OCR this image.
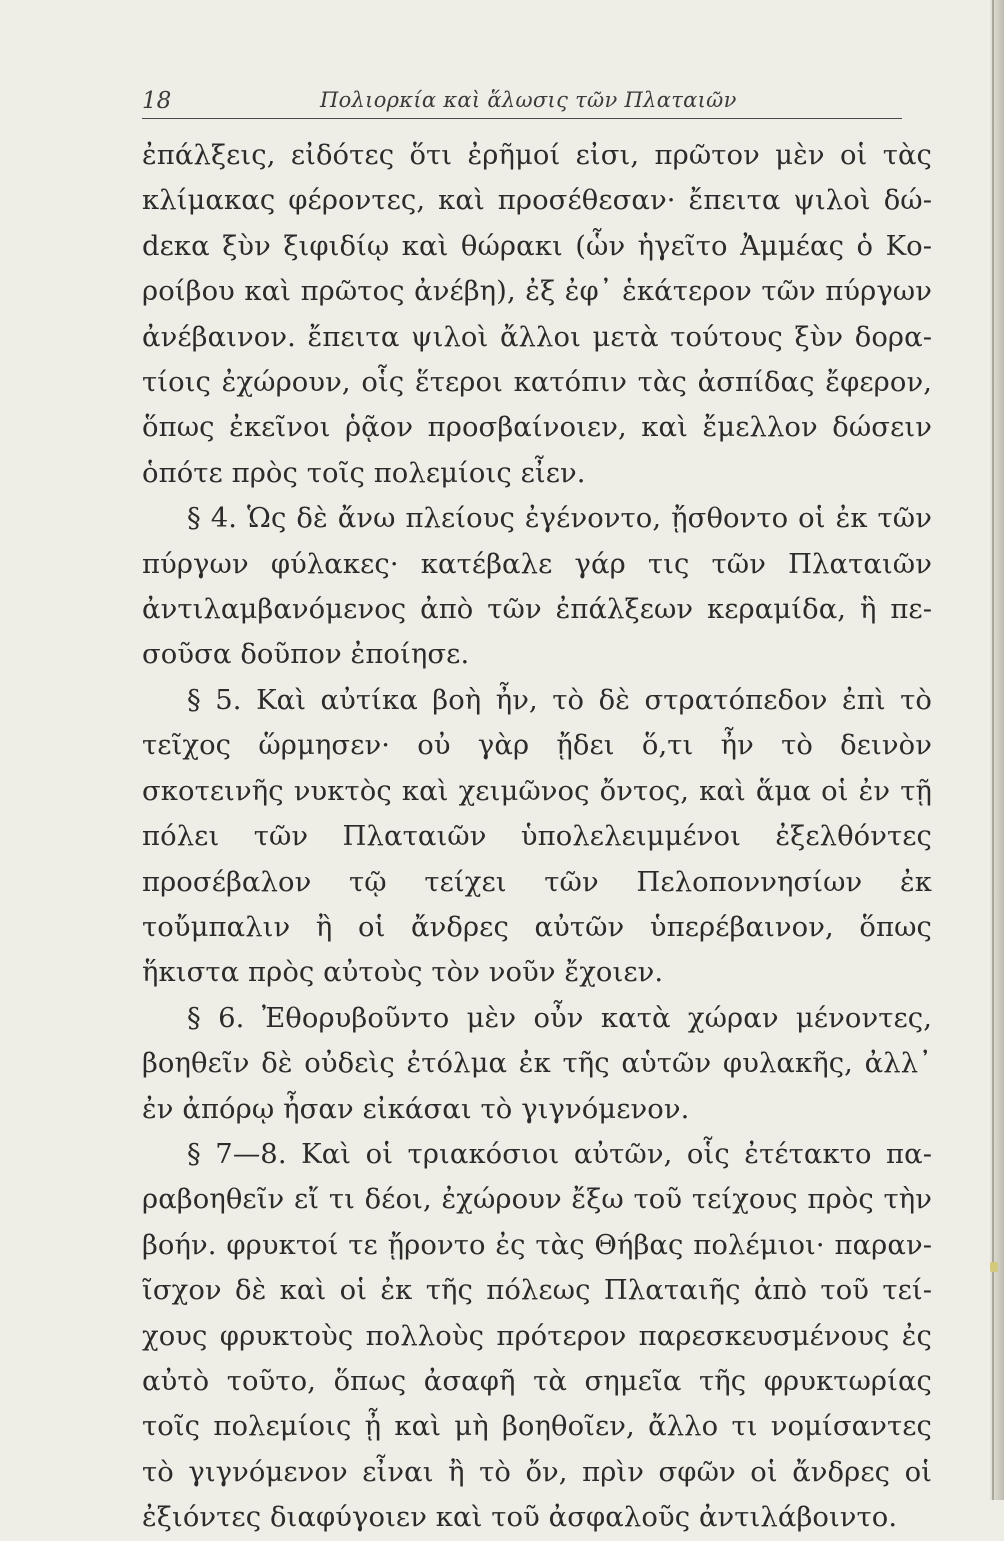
18	Πολιορκία καὶ ἅλωσις τῶν Πλαταιῶν

ἐπάλξεις, εἰδότες ὅτι ἐρῆμοί εἰσι, πρῶτον μὲν οἱ τὰς κλίμακας φέροντες, καὶ προσέθεσαν· ἔπειτα ψιλοὶ δώdεκα ξὺν ξιφιδίῳ καὶ θώρακι (ὧν ἡγεῖτο Ἀμμέας ὁ Κοροίβου καὶ πρῶτος ἀνέβη), ἐξ ἐφ᾿ ἑκάτερον τῶν πύργων ἀνέβαινον. ἔπειτα ψιλοὶ ἄλλοι μετὰ τούτους ξὺν δορατίοις ἐχώρουν, οἷς ἕτεροι κατόπιν τὰς ἀσπίδας ἔφερον, ὅπως ἐκεῖνοι ῥᾷον προσβαίνοιεν, καὶ ἔμελλον δώσειν ὁπότε πρὸς τοῖς πολεμίοις εἶεν.

§ 4. Ὡς δὲ ἄνω πλείους ἐγένοντο, ᾔσθοντο οἱ ἐκ τῶν πύργων φύλακες· κατέβαλε γάρ τις τῶν Πλαταιῶν ἀντιλαμβανόμενος ἀπὸ τῶν ἐπάλξεων κεραμίδα, ἣ πεσοῦσα δοῦπον ἐποίησε.

§ 5. Καὶ αὐτίκα βοὴ ἦν, τὸ δὲ στρατόπεδον ἐπὶ τὸ τεῖχος ὥρμησεν· οὐ γὰρ ᾔδει ὅ,τι ἦν τὸ δεινὸν σκοτεινῆς νυκτὸς καὶ χειμῶνος ὄντος, καὶ ἅμα οἱ ἐν τῇ πόλει τῶν Πλαταιῶν ὑπολελειμμένοι ἐξελθόντες προσέβαλον τῷ τείχει τῶν Πελοποννησίων ἐκ τοὔμπαλιν ἢ οἱ ἄνδρες αὐτῶν ὑπερέβαινον, ὅπως ἥκιστα πρὸς αὐτοὺς τὸν νοῦν ἔχοιεν.

§ 6. Ἐθορυβοῦντο μὲν οὖν κατὰ χώραν μένοντες, βοηθεῖν δὲ οὐδεὶς ἐτόλμα ἐκ τῆς αὑτῶν φυλακῆς, ἀλλ᾿ ἐν ἀπόρῳ ἦσαν εἰκάσαι τὸ γιγνόμενον.

§ 7—8. Καὶ οἱ τριακόσιοι αὐτῶν, οἷς ἐτέτακτο παραβοηθεῖν εἴ τι δέοι, ἐχώρουν ἔξω τοῦ τείχους πρὸς τὴν βοήν. φρυκτοί τε ᾔροντο ἐς τὰς Θήβας πολέμιοι· παρανῖσχον δὲ καὶ οἱ ἐκ τῆς πόλεως Πλαταιῆς ἀπὸ τοῦ τείχους φρυκτοὺς πολλοὺς πρότερον παρεσκευσμένους ἐς αὐτὸ τοῦτο, ὅπως ἀσαφῆ τὰ σημεῖα τῆς φρυκτωρίας τοῖς πολεμίοις ᾖ καὶ μὴ βοηθοῖεν, ἄλλο τι νομίσαντες τὸ γιγνόμενον εἶναι ἢ τὸ ὄν, πρὶν σφῶν οἱ ἄνδρες οἱ ἐξιόντες διαφύγοιεν καὶ τοῦ ἀσφαλοῦς ἀντιλάβοιντο.
